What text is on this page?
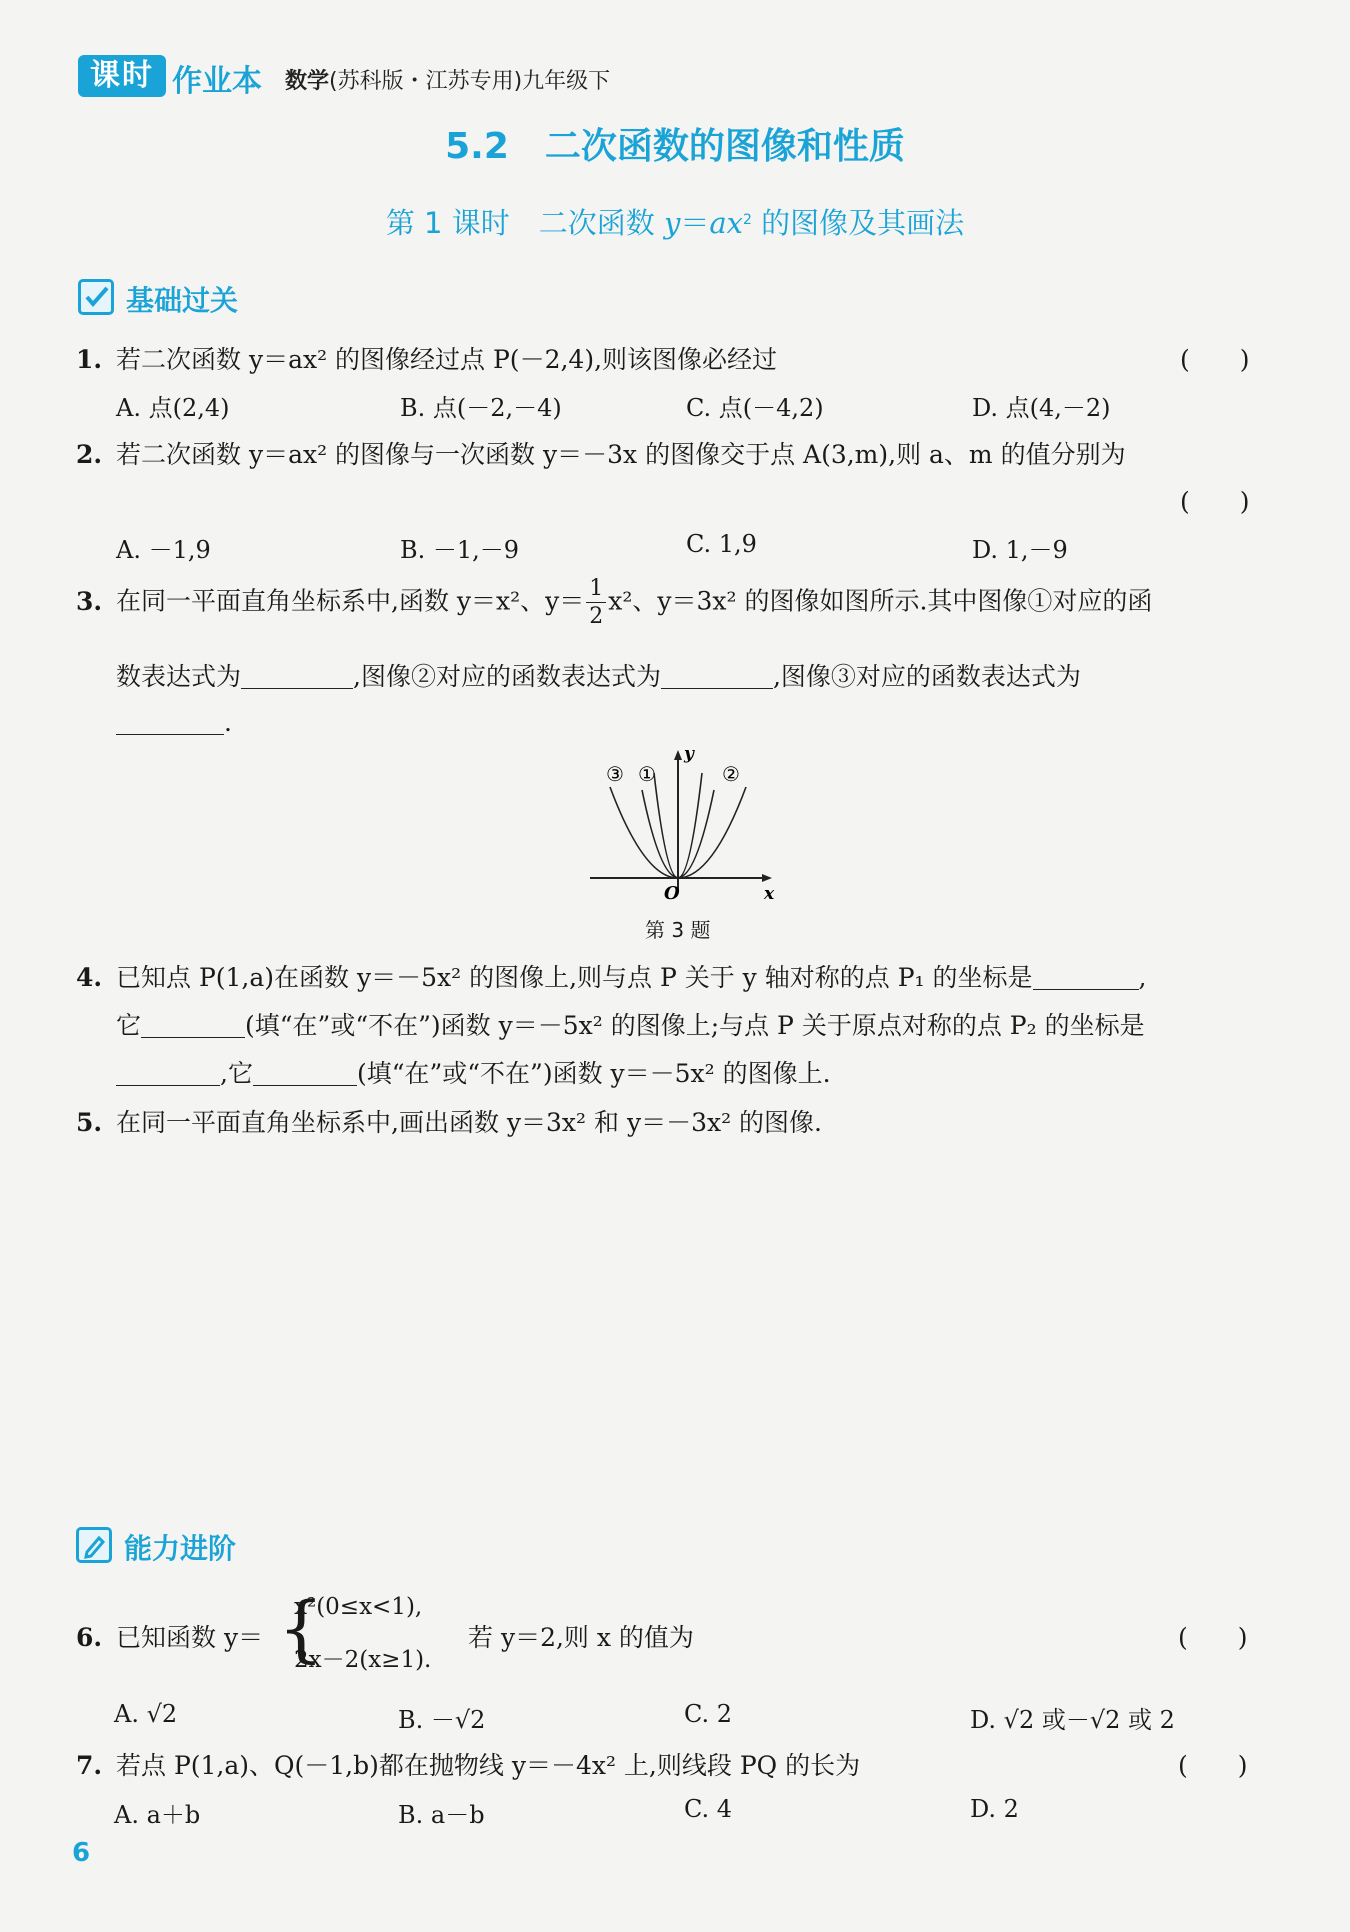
课时 作业本 数学(苏科版・江苏专用)九年级下
5.2　二次函数的图像和性质
第 1 课时　二次函数 $y=ax^2$ 的图像及其画法
基础过关
1. 若二次函数 y＝ax² 的图像经过点 P(－2,4),则该图像必经过	(　　)
A. 点(2,4)	B. 点(－2,－4)	C. 点(－4,2)	D. 点(4,－2)
2. 若二次函数 y＝ax² 的图像与一次函数 y＝－3x 的图像交于点 A(3,m),则 a、m 的值分别为
(　　)
A. －1,9	B. －1,－9	C. 1,9	D. 1,－9
3. 在同一平面直角坐标系中,函数 y＝x²、$y= \frac{1}{2} x^2$、y＝3x² 的图像如图所示.其中图像①对应的函
数表达式为	,图像②对应的函数表达式为	,图像③对应的函数表达式为
.
③ ①	②
y
x
O
第 3 题
4. 已知点 P(1,a)在函数 y＝－5x² 的图像上,则与点 P 关于 y 轴对称的点 P₁ 的坐标是	,
它	(填“在”或“不在”)函数 y＝－5x² 的图像上;与点 P 关于原点对称的点 P₂ 的坐标是
,它	(填“在”或“不在”)函数 y＝－5x² 的图像上.
5. 在同一平面直角坐标系中,画出函数 y＝3x² 和 y＝－3x² 的图像.
能力进阶
6. 已知函数 y＝ {
x²(0≤x<1),
2x－2(x≥1).
若 y＝2,则 x 的值为	(　　)
A. √2	B. －√2	C. 2	D. √2 或－√2 或 2
7. 若点 P(1,a)、Q(－1,b)都在抛物线 y＝－4x² 上,则线段 PQ 的长为	(　　)
A. a＋b	B. a－b	C. 4	D. 2
6
